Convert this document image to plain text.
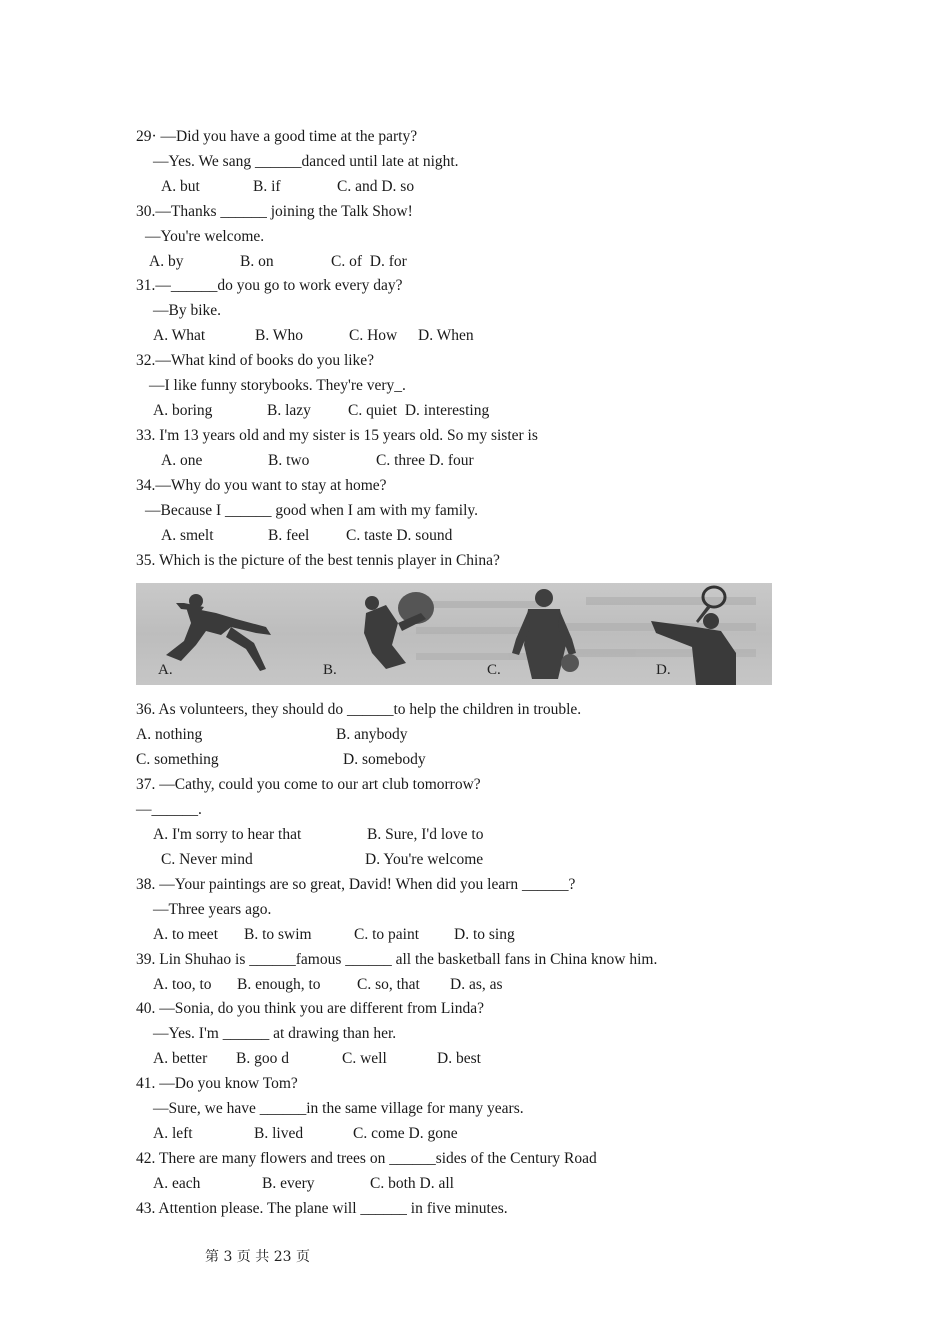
29· —Did you have a good time at the party?
—Yes. We sang ______danced until late at night.
A. but	B. if	C. and D. so
30.—Thanks ______ joining the Talk Show!
—You're welcome.
A. by	B. on	C. of  D. for
31.—______do you go to work every day?
—By bike.
A. What	B. Who	C. How D. When
32.—What kind of books do you like?
—I like funny storybooks. They're very_.
A. boring	B. lazy C. quiet  D. interesting
33. I'm 13 years old and my sister is 15 years old. So my sister is
A. one	B. two	C. three D. four
34.—Why do you want to stay at home?
—Because I ______ good when I am with my family.
A. smelt	B. feel C. taste D. sound
35. Which is the picture of the best tennis player in China?
36. As volunteers, they should do ______to help the children in trouble.
A. nothing	B. anybody
C. something	D. somebody
37. —Cathy, could you come to our art club tomorrow?
—______.
A. I'm sorry to hear that	B. Sure, I'd love to
C. Never mind	D. You're welcome
38. —Your paintings are so great, David! When did you learn ______?
—Three years ago.
A. to meet B. to swim	C. to paint D. to sing
39. Lin Shuhao is ______famous ______ all the basketball fans in China know him.
A. too, to B. enough, to C. so, that D. as, as
40. —Sonia, do you think you are different from Linda?
—Yes. I'm ______ at drawing than her.
A. better B. goo d	C. well	D. best
41. —Do you know Tom?
—Sure, we have ______in the same village for many years.
A. left	B. lived	C. come D. gone
42. There are many flowers and trees on ______sides of the Century Road
A. each	B. every	C. both D. all
43. Attention please. The plane will ______ in five minutes.
A.	B.	C.	D.
第 3 页 共 23 页
